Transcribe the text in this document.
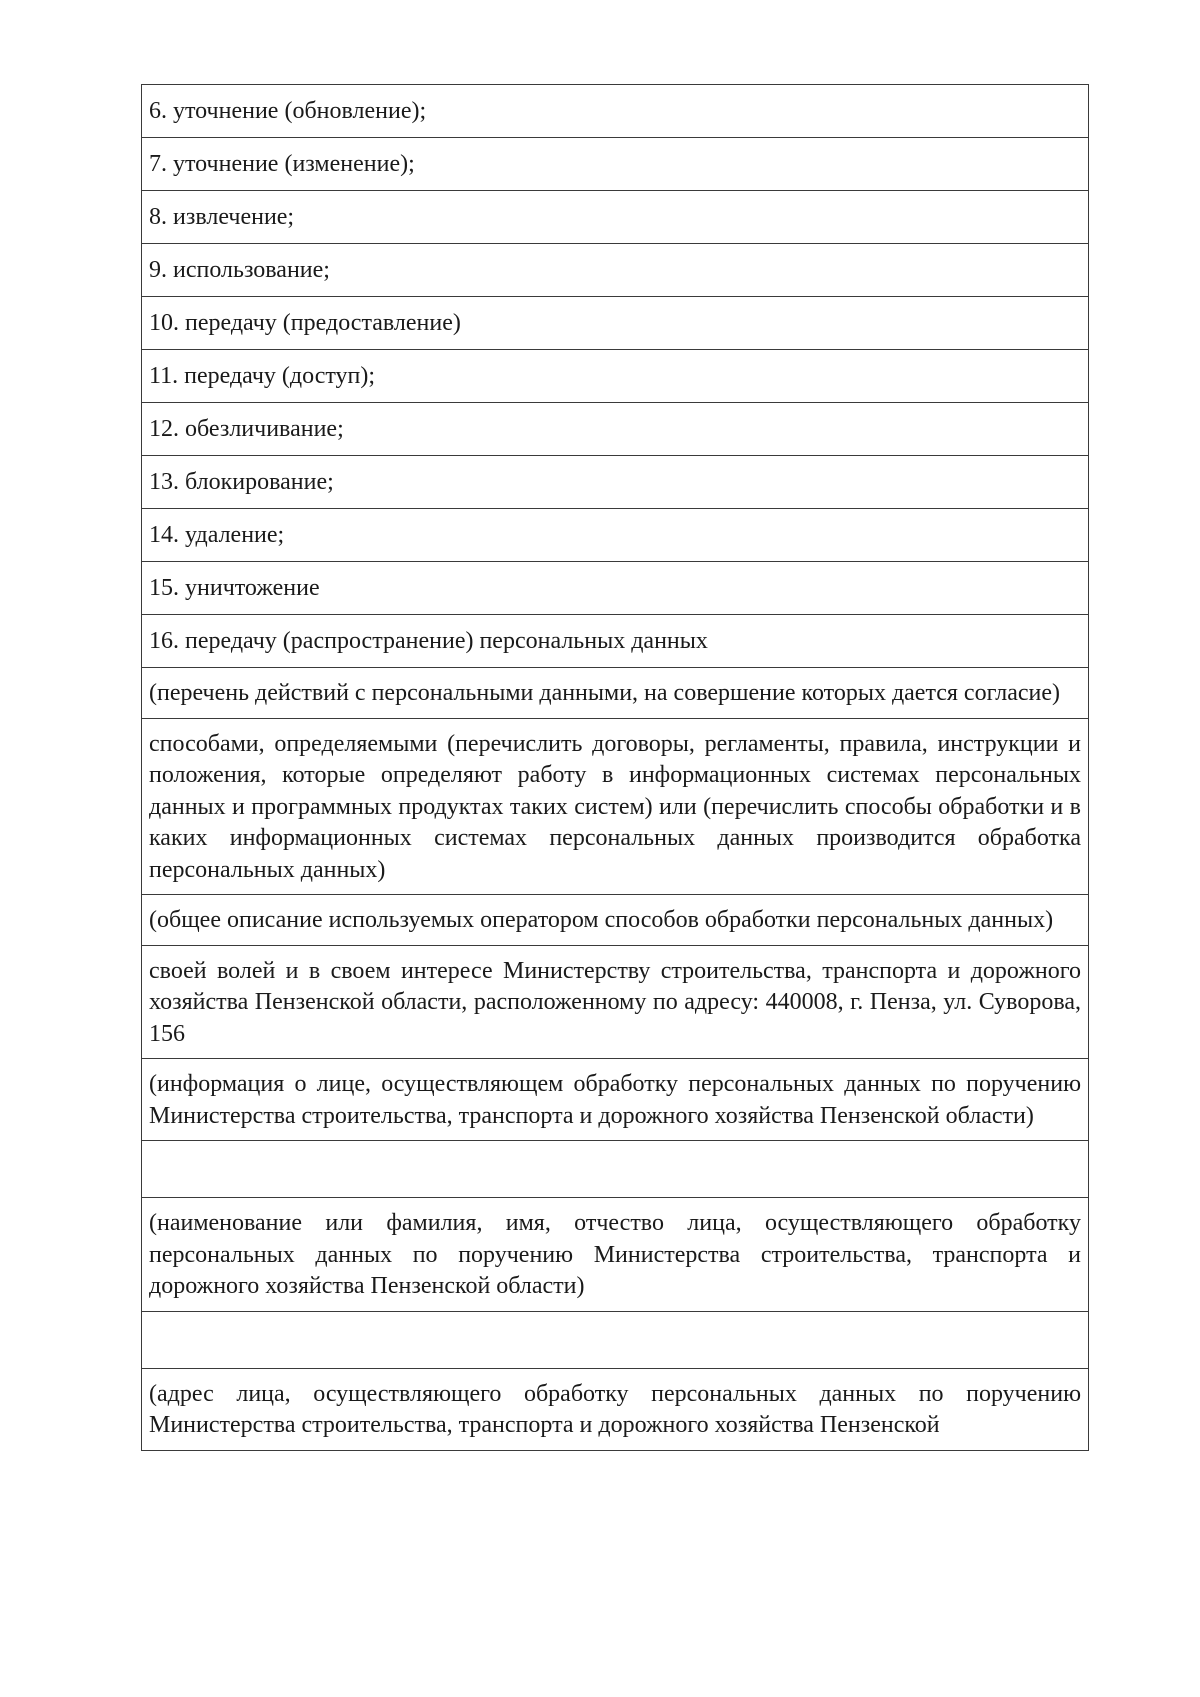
6. уточнение (обновление);
7. уточнение (изменение);
8. извлечение;
9. использование;
10. передачу (предоставление)
11. передачу (доступ);
12. обезличивание;
13. блокирование;
14. удаление;
15. уничтожение
16. передачу (распространение) персональных данных
(перечень действий с персональными данными, на совершение которых дается согласие)
способами, определяемыми (перечислить договоры, регламенты, правила, инструкции и положения, которые определяют работу в информационных системах персональных данных и программных продуктах таких систем) или (перечислить способы обработки и в каких информационных системах персональных данных производится обработка персональных данных)
(общее описание используемых оператором способов обработки персональных данных)
своей волей и в своем интересе Министерству строительства, транспорта и дорожного хозяйства Пензенской области, расположенному по адресу: 440008, г. Пенза, ул. Суворова, 156
(информация о лице, осуществляющем обработку персональных данных по поручению Министерства строительства, транспорта и дорожного хозяйства Пензенской области)

(наименование или фамилия, имя, отчество лица, осуществляющего обработку персональных данных по поручению Министерства строительства, транспорта и дорожного хозяйства Пензенской области)

(адрес лица, осуществляющего обработку персональных данных по поручению Министерства строительства, транспорта и дорожного хозяйства Пензенской
